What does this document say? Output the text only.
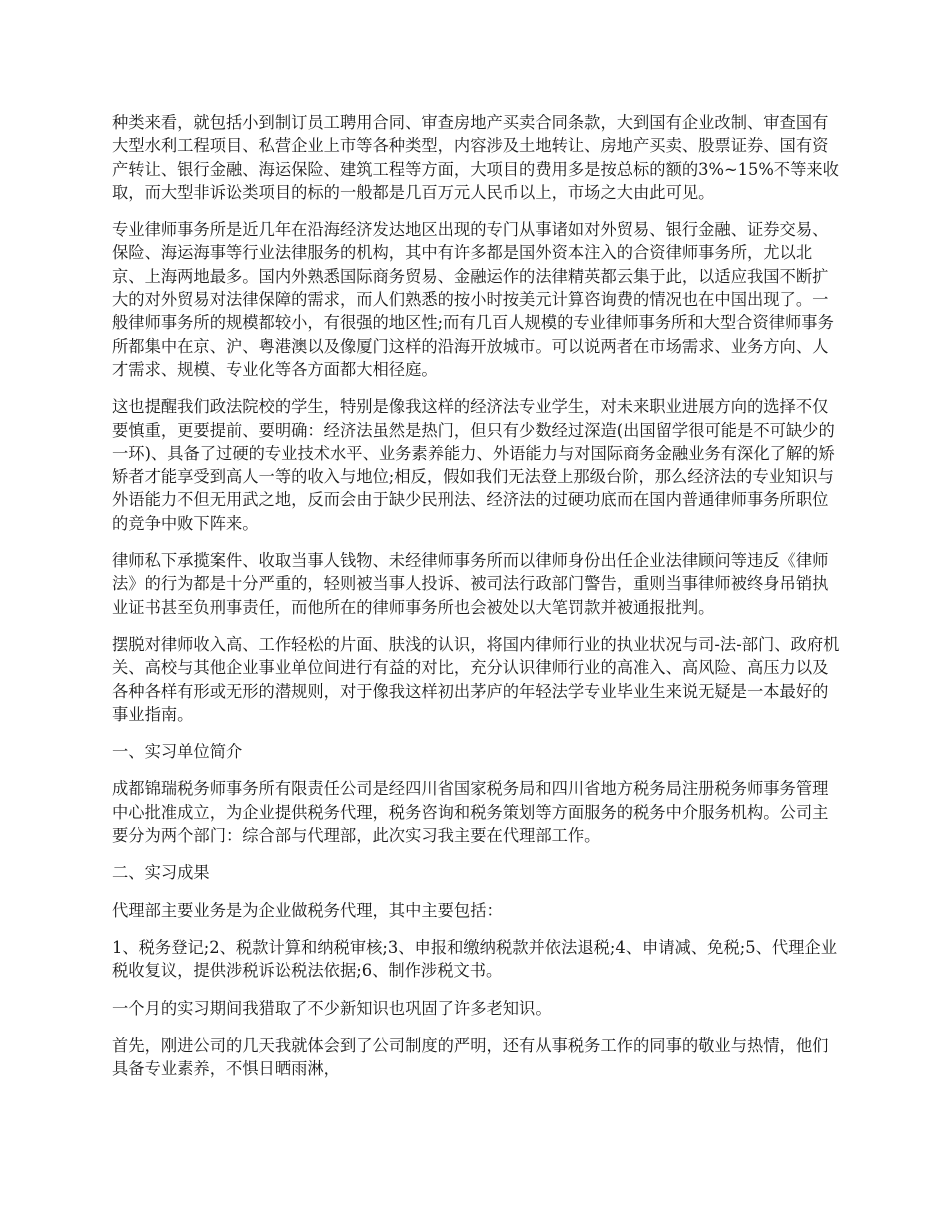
种类来看，就包括小到制订员工聘用合同、审查房地产买卖合同条款，大到国有企业改制、审查国有大型水利工程项目、私营企业上市等各种类型，内容涉及土地转让、房地产买卖、股票证券、国有资产转让、银行金融、海运保险、建筑工程等方面，大项目的费用多是按总标的额的3%~15%不等来收取，而大型非诉讼类项目的标的一般都是几百万元人民币以上，市场之大由此可见。

专业律师事务所是近几年在沿海经济发达地区出现的专门从事诸如对外贸易、银行金融、证券交易、保险、海运海事等行业法律服务的机构，其中有许多都是国外资本注入的合资律师事务所，尤以北京、上海两地最多。国内外熟悉国际商务贸易、金融运作的法律精英都云集于此，以适应我国不断扩大的对外贸易对法律保障的需求，而人们熟悉的按小时按美元计算咨询费的情况也在中国出现了。一般律师事务所的规模都较小，有很强的地区性;而有几百人规模的专业律师事务所和大型合资律师事务所都集中在京、沪、粤港澳以及像厦门这样的沿海开放城市。可以说两者在市场需求、业务方向、人才需求、规模、专业化等各方面都大相径庭。

这也提醒我们政法院校的学生，特别是像我这样的经济法专业学生，对未来职业进展方向的选择不仅要慎重，更要提前、要明确：经济法虽然是热门，但只有少数经过深造(出国留学很可能是不可缺少的一环)、具备了过硬的专业技术水平、业务素养能力、外语能力与对国际商务金融业务有深化了解的矫矫者才能享受到高人一等的收入与地位;相反，假如我们无法登上那级台阶，那么经济法的专业知识与外语能力不但无用武之地，反而会由于缺少民刑法、经济法的过硬功底而在国内普通律师事务所职位的竞争中败下阵来。

律师私下承揽案件、收取当事人钱物、未经律师事务所而以律师身份出任企业法律顾问等违反《律师法》的行为都是十分严重的，轻则被当事人投诉、被司法行政部门警告，重则当事律师被终身吊销执业证书甚至负刑事责任，而他所在的律师事务所也会被处以大笔罚款并被通报批判。

摆脱对律师收入高、工作轻松的片面、肤浅的认识，将国内律师行业的执业状况与司-法-部门、政府机关、高校与其他企业事业单位间进行有益的对比，充分认识律师行业的高准入、高风险、高压力以及各种各样有形或无形的潜规则，对于像我这样初出茅庐的年轻法学专业毕业生来说无疑是一本最好的事业指南。

一、实习单位简介

成都锦瑞税务师事务所有限责任公司是经四川省国家税务局和四川省地方税务局注册税务师事务管理中心批准成立，为企业提供税务代理，税务咨询和税务策划等方面服务的税务中介服务机构。公司主要分为两个部门：综合部与代理部，此次实习我主要在代理部工作。

二、实习成果

代理部主要业务是为企业做税务代理，其中主要包括：

1、税务登记;2、税款计算和纳税审核;3、申报和缴纳税款并依法退税;4、申请减、免税;5、代理企业税收复议，提供涉税诉讼税法依据;6、制作涉税文书。

一个月的实习期间我猎取了不少新知识也巩固了许多老知识。

首先，刚进公司的几天我就体会到了公司制度的严明，还有从事税务工作的同事的敬业与热情，他们具备专业素养，不惧日晒雨淋，
